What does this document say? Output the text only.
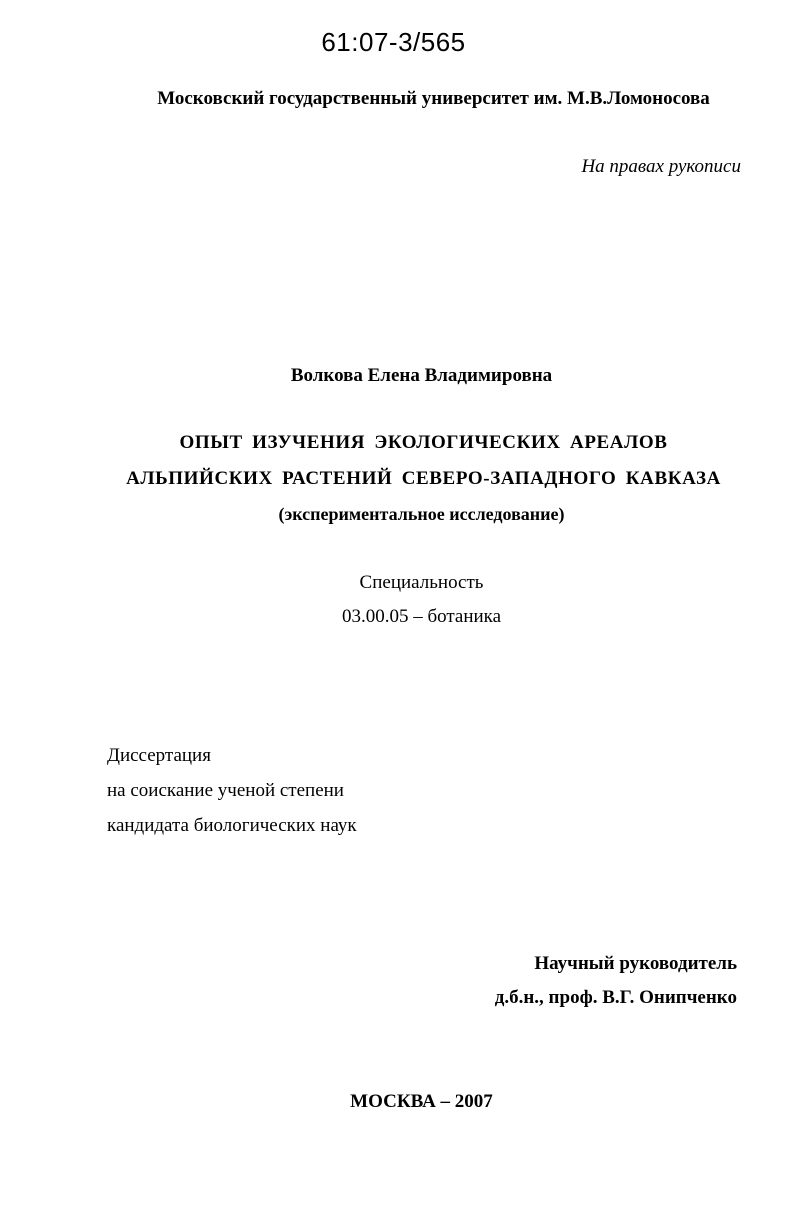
61:07-3/565
Московский государственный университет им. М.В.Ломоносова
На правах рукописи
Волкова Елена Владимировна
ОПЫТ ИЗУЧЕНИЯ ЭКОЛОГИЧЕСКИХ АРЕАЛОВ
АЛЬПИЙСКИХ РАСТЕНИЙ СЕВЕРО-ЗАПАДНОГО КАВКАЗА
(экспериментальное исследование)
Специальность
03.00.05 – ботаника
Диссертация
на соискание ученой степени
кандидата биологических наук
Научный руководитель
д.б.н., проф. В.Г. Онипченко
МОСКВА – 2007
